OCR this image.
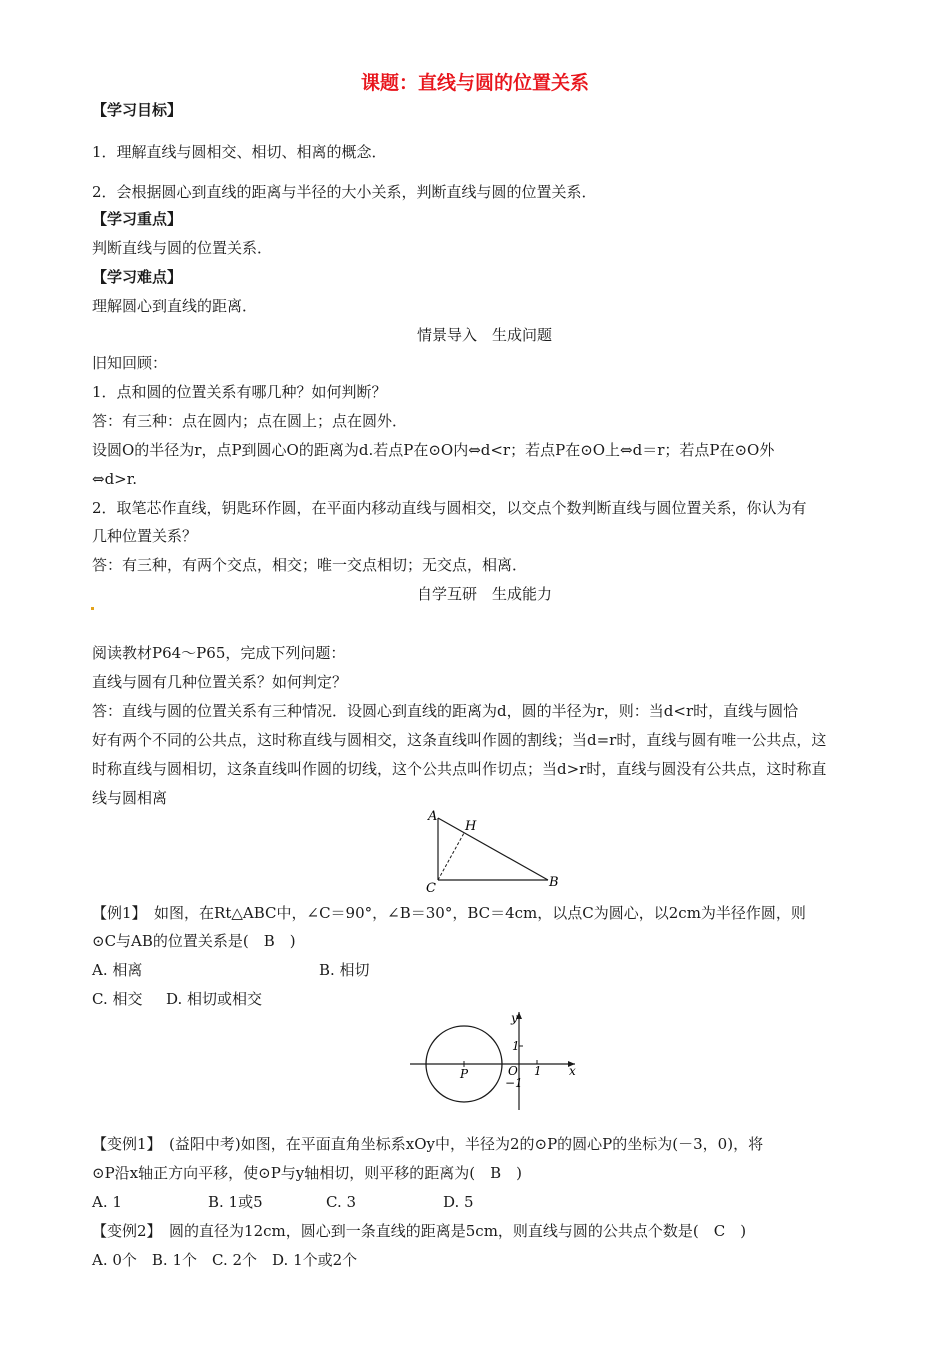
课题：直线与圆的位置关系
【学习目标】
1．理解直线与圆相交、相切、相离的概念．
2．会根据圆心到直线的距离与半径的大小关系，判断直线与圆的位置关系．
【学习重点】
判断直线与圆的位置关系．
【学习难点】
理解圆心到直线的距离．
情景导入　生成问题
旧知回顾：
1．点和圆的位置关系有哪几种？如何判断？
答：有三种：点在圆内；点在圆上；点在圆外．
设圆O的半径为r，点P到圆心O的距离为d.若点P在⊙O内⇔d<r；若点P在⊙O上⇔d＝r；若点P在⊙O外
⇔d>r.
2．取笔芯作直线，钥匙环作圆，在平面内移动直线与圆相交，以交点个数判断直线与圆位置关系，你认为有
几种位置关系？
答：有三种，有两个交点，相交；唯一交点相切；无交点，相离．
自学互研　生成能力
阅读教材P64～P65，完成下列问题：
直线与圆有几种位置关系？如何判定？
答：直线与圆的位置关系有三种情况．设圆心到直线的距离为d，圆的半径为r，则：当d<r时，直线与圆恰
好有两个不同的公共点，这时称直线与圆相交，这条直线叫作圆的割线；当d=r时，直线与圆有唯一公共点，这
时称直线与圆相切，这条直线叫作圆的切线，这个公共点叫作切点；当d>r时，直线与圆没有公共点，这时称直
线与圆相离
A
H
C	B
【例1】　如图，在Rt△ABC中，∠C＝90°，∠B＝30°，BC＝4cm，以点C为圆心，以2cm为半径作圆，则
⊙C与AB的位置关系是(　B　)
A. 相离	B. 相切
C. 相交 D. 相切或相交
y
x
1
O 1
−1
P
【变例1】　(益阳中考)如图，在平面直角坐标系xOy中，半径为2的⊙P的圆心P的坐标为(－3，0)，将
⊙P沿x轴正方向平移，使⊙P与y轴相切，则平移的距离为(　B　)
A. 1	B. 1或5	C. 3	D. 5
【变例2】　圆的直径为12cm，圆心到一条直线的距离是5cm，则直线与圆的公共点个数是(　C　)
A. 0个　B. 1个　C. 2个　D. 1个或2个
